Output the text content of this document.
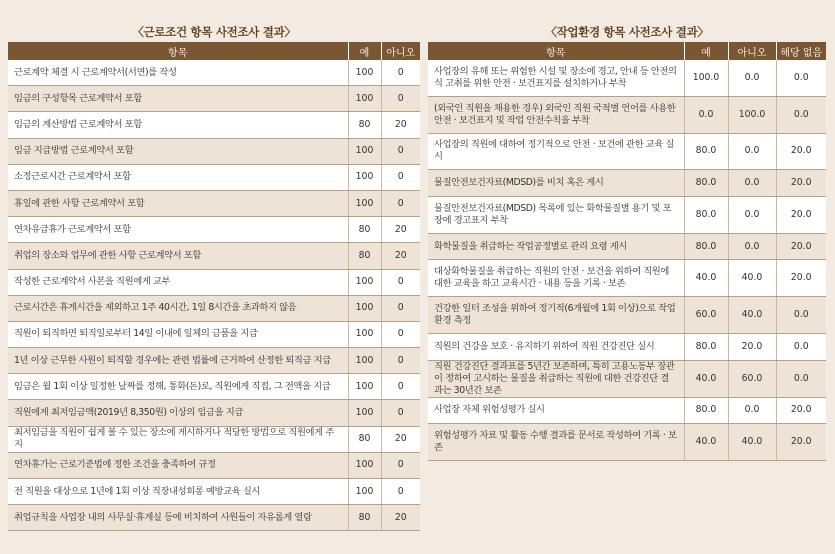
〈근로조건 항목 사전조사 결과〉
항목	예	아니오
근로계약 체결 시 근로계약서(서면)를 작성	100	0
임금의 구성항목 근로계약서 포함	100	0
임금의 계산방법 근로계약서 포함	80	20
임금 지급방법 근로계약서 포함	100	0
소정근로시간 근로계약서 포함	100	0
휴일에 관한 사항 근로계약서 포함	100	0
연차유급휴가 근로계약서 포함	80	20
취업의 장소와 업무에 관한 사항 근로계약서 포함	80	20
작성한 근로계약서 사본을 직원에게 교부	100	0
근로시간은 휴게시간을 제외하고 1주 40시간, 1일 8시간을 초과하지 않음	100	0
직원이 퇴직하면 퇴직일로부터 14일 이내에 일체의 금품을 지급	100	0
1년 이상 근무한 사원이 퇴직할 경우에는 관련 법률에 근거하여 산정한 퇴직금 지급	100	0
임금은 월 1회 이상 일정한 날짜를 정해, 통화(돈)로, 직원에게 직접, 그 전액을 지급	100	0
직원에게 최저임금액(2019년 8,350원) 이상의 임금을 지급	100	0
최저임금을 직원이 쉽게 볼 수 있는 장소에 게시하거나 적당한 방법으로 직원에게 주지	80	20
연차휴가는 근로기준법에 정한 조건을 충족하여 규정	100	0
전 직원을 대상으로 1년에 1회 이상 직장내성희롱 예방교육 실시	100	0
취업규칙을 사업장 내의 사무실·휴게실 등에 비치하여 사원들이 자유롭게 열람	80	20
〈작업환경 항목 사전조사 결과〉
항목	예	아니오	해당 없음
사업장의 유해 또는 위험한 시설 및 장소에 경고, 안내 등 안전의식 고취를 위한 안전 · 보건표지를 설치하거나 부착	100.0	0.0	0.0
(외국인 직원을 채용한 경우) 외국인 직원 국적별 언어를 사용한 안전 · 보건표지 및 작업 안전수칙을 부착	0.0	100.0	0.0
사업장의 직원에 대하여 정기적으로 안전 · 보건에 관한 교육 실시	80.0	0.0	20.0
물질안전보건자료(MDSD)를 비치 혹은 게시	80.0	0.0	20.0
물질안전보건자료(MDSD) 목록에 있는 화학물질별 용기 및 포장에 경고표지 부착	80.0	0.0	20.0
화학물질을 취급하는 작업공정별로 관리 요령 게시	80.0	0.0	20.0
대상화학물질을 취급하는 직원의 안전 · 보건을 위하여 직원에 대한 교육을 하고 교육시간 · 내용 등을 기록 · 보존	40.0	40.0	20.0
건강한 일터 조성을 위하여 정기적(6개월에 1회 이상)으로 작업 환경 측정	60.0	40.0	0.0
직원의 건강을 보호 · 유지하기 위하여 직원 건강진단 실시	80.0	20.0	0.0
직원 건강진단 결과표를 5년간 보존하며, 특히 고용노동부 장관이 정하여 고시하는 물질을 취급하는 직원에 대한 건강진단 결과는 30년간 보존	40.0	60.0	0.0
사업장 자체 위험성평가 실시	80.0	0.0	20.0
위험성평가 자료 및 활동 수행 결과를 문서로 작성하여 기록 · 보존	40.0	40.0	20.0
